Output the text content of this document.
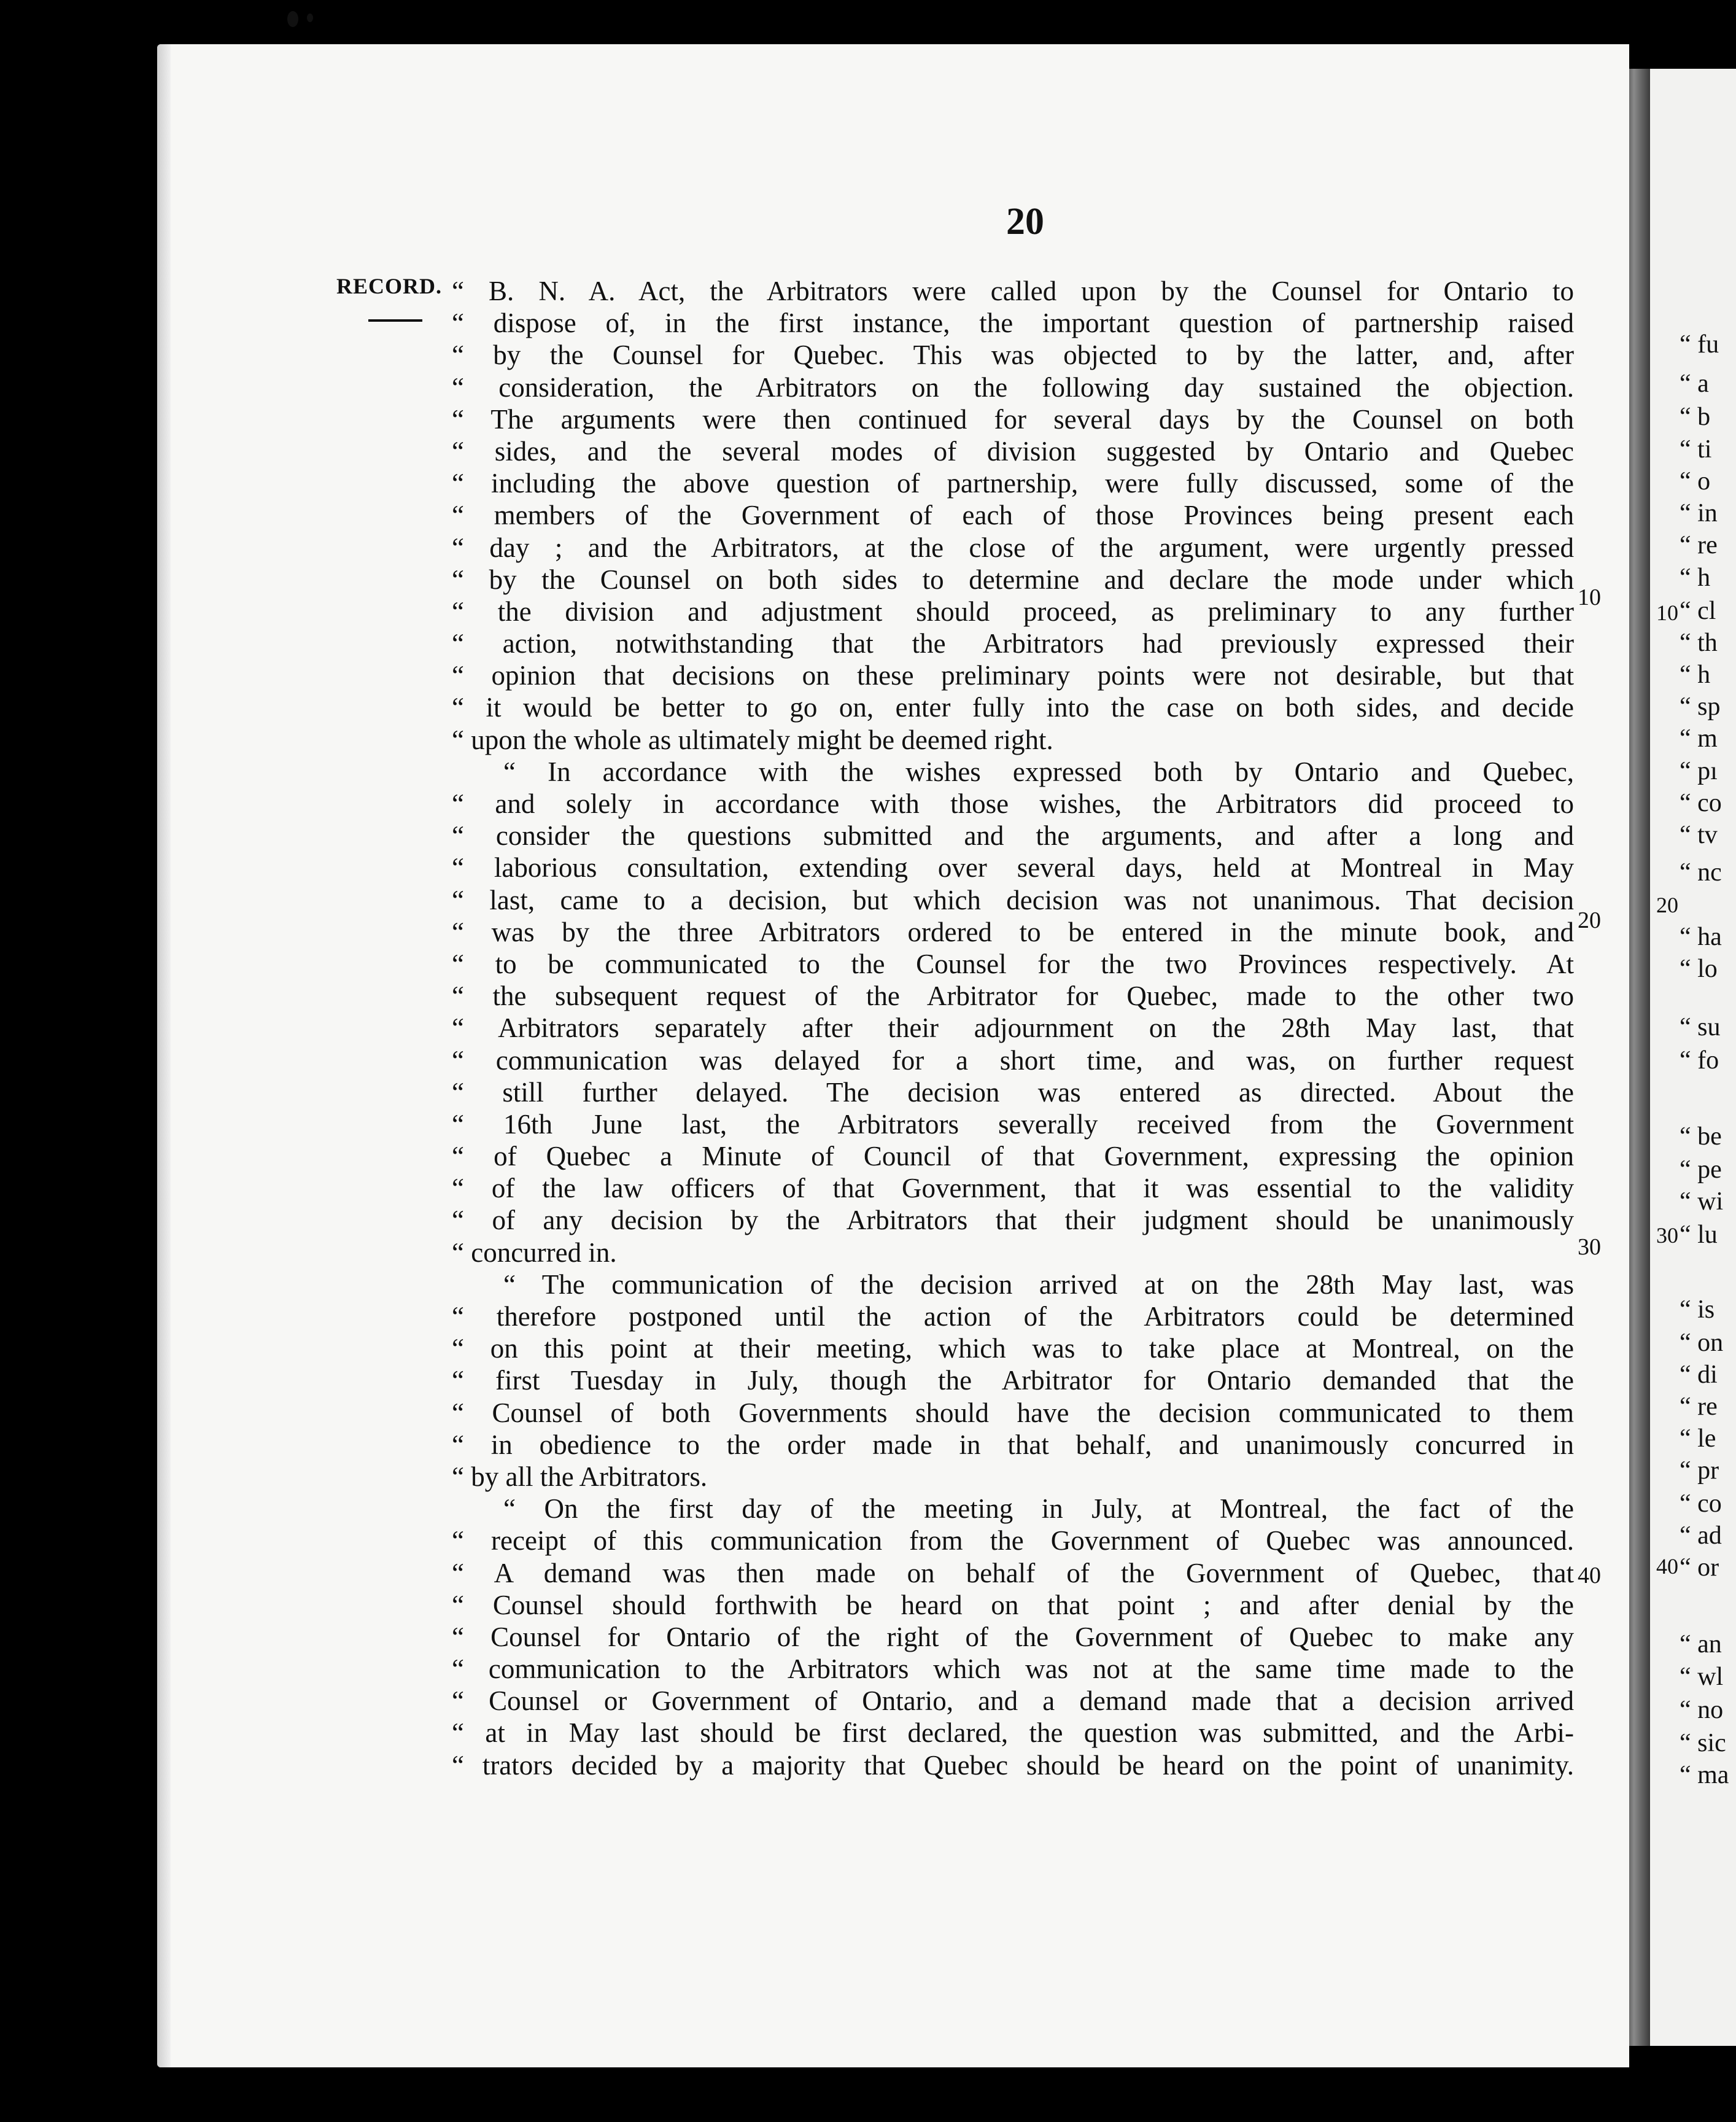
20
RECORD. “ B. N. A. Act, the Arbitrators were called upon by the Counsel for Ontario to
“ dispose of, in the first instance, the important question of partnership raised
“ by the Counsel for Quebec. This was objected to by the latter, and, after
“ consideration, the Arbitrators on the following day sustained the objection.
“ The arguments were then continued for several days by the Counsel on both
“ sides, and the several modes of division suggested by Ontario and Quebec
“ including the above question of partnership, were fully discussed, some of the
“ members of the Government of each of those Provinces being present each
“ day ; and the Arbitrators, at the close of the argument, were urgently pressed
“ by the Counsel on both sides to determine and declare the mode under which
“ the division and adjustment should proceed, as preliminary to any further
“ action, notwithstanding that the Arbitrators had previously expressed their
“ opinion that decisions on these preliminary points were not desirable, but that
“ it would be better to go on, enter fully into the case on both sides, and decide
“ upon the whole as ultimately might be deemed right.
“ In accordance with the wishes expressed both by Ontario and Quebec,
“ and solely in accordance with those wishes, the Arbitrators did proceed to
“ consider the questions submitted and the arguments, and after a long and
“ laborious consultation, extending over several days, held at Montreal in May
“ last, came to a decision, but which decision was not unanimous. That decision
“ was by the three Arbitrators ordered to be entered in the minute book, and
“ to be communicated to the Counsel for the two Provinces respectively. At
“ the subsequent request of the Arbitrator for Quebec, made to the other two
“ Arbitrators separately after their adjournment on the 28th May last, that
“ communication was delayed for a short time, and was, on further request
“ still further delayed. The decision was entered as directed. About the
“ 16th June last, the Arbitrators severally received from the Government
“ of Quebec a Minute of Council of that Government, expressing the opinion
“ of the law officers of that Government, that it was essential to the validity
“ of any decision by the Arbitrators that their judgment should be unanimously
“ concurred in.
“ The communication of the decision arrived at on the 28th May last, was
“ therefore postponed until the action of the Arbitrators could be determined
“ on this point at their meeting, which was to take place at Montreal, on the
“ first Tuesday in July, though the Arbitrator for Ontario demanded that the
“ Counsel of both Governments should have the decision communicated to them
“ in obedience to the order made in that behalf, and unanimously concurred in
“ by all the Arbitrators.
“ On the first day of the meeting in July, at Montreal, the fact of the
“ receipt of this communication from the Government of Quebec was announced.
“ A demand was then made on behalf of the Government of Quebec, that
“ Counsel should forthwith be heard on that point ; and after denial by the
“ Counsel for Ontario of the right of the Government of Quebec to make any
“ communication to the Arbitrators which was not at the same time made to the
“ Counsel or Government of Ontario, and a demand made that a decision arrived
“ at in May last should be first declared, the question was submitted, and the Arbi-
“ trators decided by a majority that Quebec should be heard on the point of unanimity.
10
20
30
40
“ fu
“ a
“ b
“ ti
“ o
“ in
“ re
“ h
“ cl
“ th
“ h
“ sp
“ m
“ pı
“ co
“ tv
“ nc
“ ha
“ lo
“ su
“ fo
“ be
“ pe
“ wi
“ lu
“ is
“ on
“ di
“ re
“ le
“ pr
“ co
“ ad
“ or
“ an
“ wl
“ no
“ sic
“ ma
10
20
30
40
